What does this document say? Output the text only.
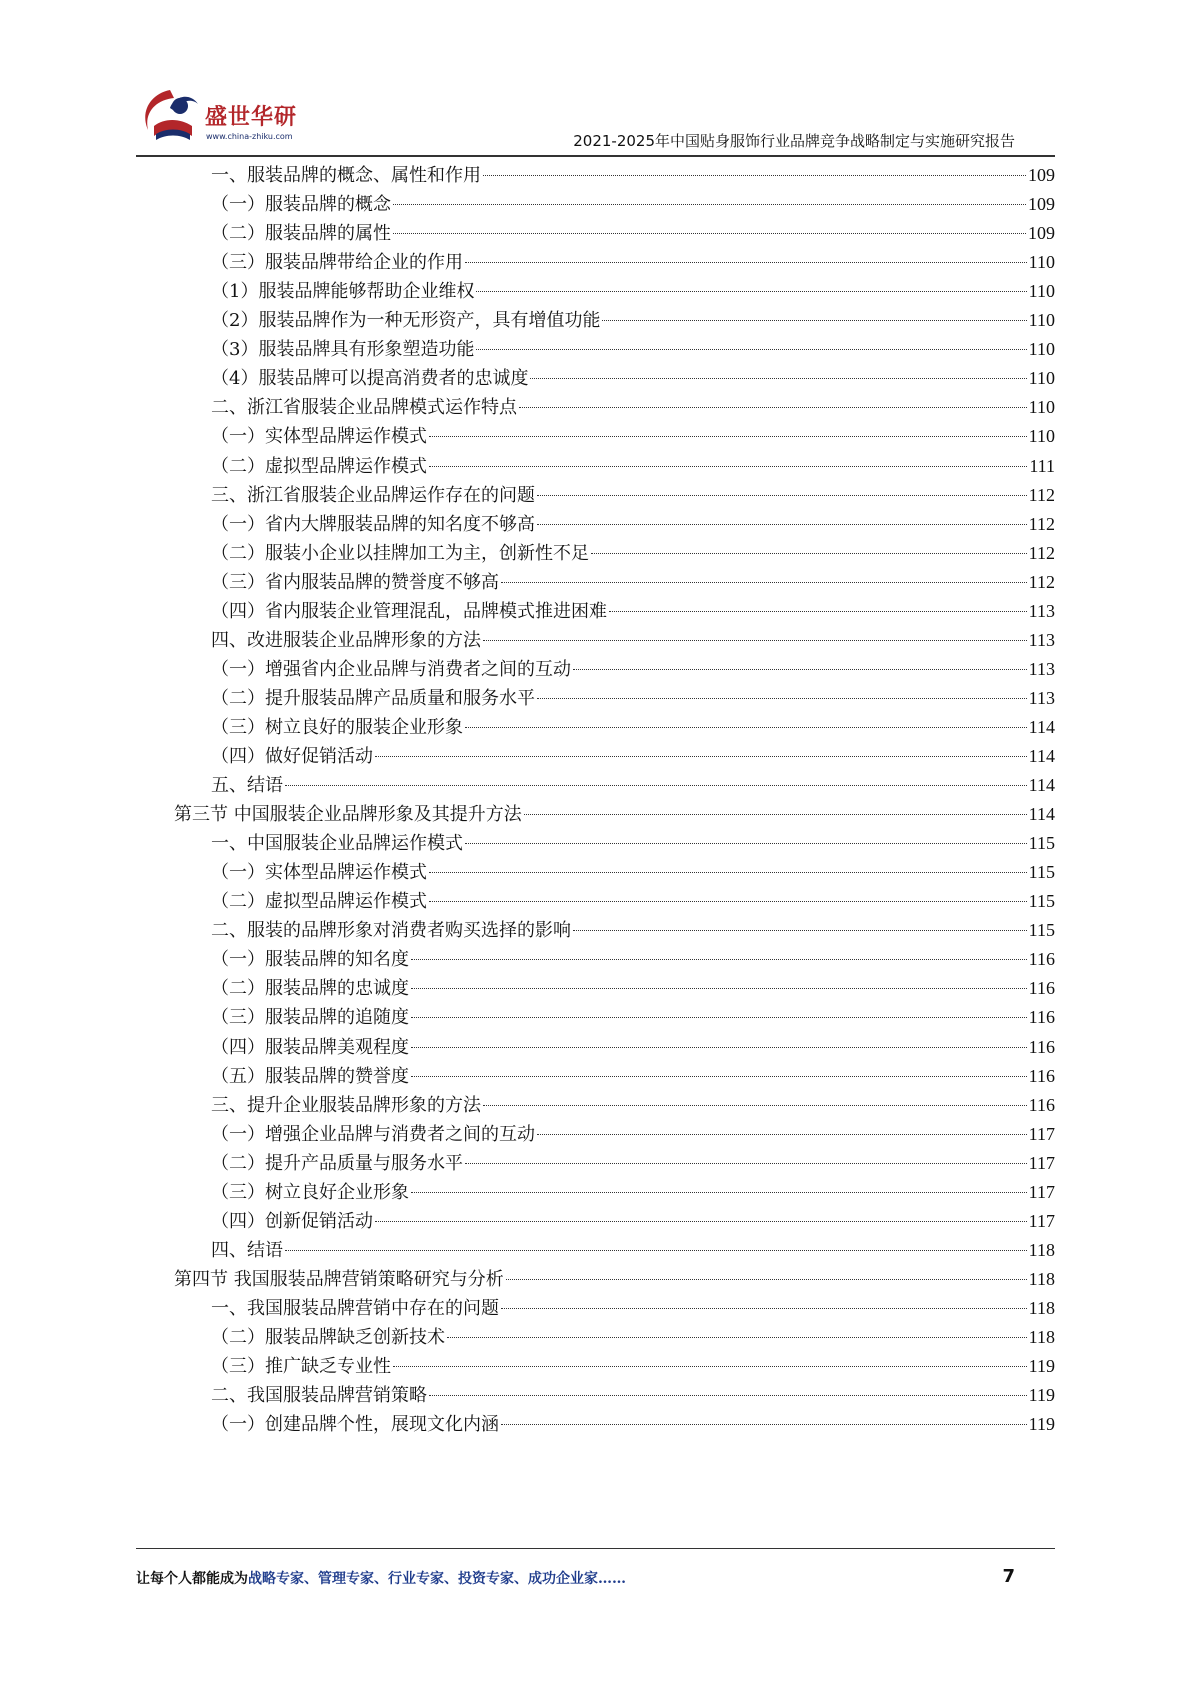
盛世华研
www.china-zhiku.com	2021-2025年中国贴身服饰行业品牌竞争战略制定与实施研究报告
一、服装品牌的概念、属性和作用	109
（一）服装品牌的概念	109
（二）服装品牌的属性	109
（三）服装品牌带给企业的作用	110
（1）服装品牌能够帮助企业维权	110
（2）服装品牌作为一种无形资产，具有增值功能	110
（3）服装品牌具有形象塑造功能	110
（4）服装品牌可以提高消费者的忠诚度	110
二、浙江省服装企业品牌模式运作特点	110
（一）实体型品牌运作模式	110
（二）虚拟型品牌运作模式	111
三、浙江省服装企业品牌运作存在的问题	112
（一）省内大牌服装品牌的知名度不够高	112
（二）服装小企业以挂牌加工为主，创新性不足	112
（三）省内服装品牌的赞誉度不够高	112
（四）省内服装企业管理混乱，品牌模式推进困难	113
四、改进服装企业品牌形象的方法	113
（一）增强省内企业品牌与消费者之间的互动	113
（二）提升服装品牌产品质量和服务水平	113
（三）树立良好的服装企业形象	114
（四）做好促销活动	114
五、结语	114
第三节 中国服装企业品牌形象及其提升方法	114
一、中国服装企业品牌运作模式	115
（一）实体型品牌运作模式	115
（二）虚拟型品牌运作模式	115
二、服装的品牌形象对消费者购买选择的影响	115
（一）服装品牌的知名度	116
（二）服装品牌的忠诚度	116
（三）服装品牌的追随度	116
（四）服装品牌美观程度	116
（五）服装品牌的赞誉度	116
三、提升企业服装品牌形象的方法	116
（一）增强企业品牌与消费者之间的互动	117
（二）提升产品质量与服务水平	117
（三）树立良好企业形象	117
（四）创新促销活动	117
四、结语	118
第四节 我国服装品牌营销策略研究与分析	118
一、我国服装品牌营销中存在的问题	118
（二）服装品牌缺乏创新技术	118
（三）推广缺乏专业性	119
二、我国服装品牌营销策略	119
（一）创建品牌个性，展现文化内涵	119
让每个人都能成为战略专家、管理专家、行业专家、投资专家、成功企业家……	7
